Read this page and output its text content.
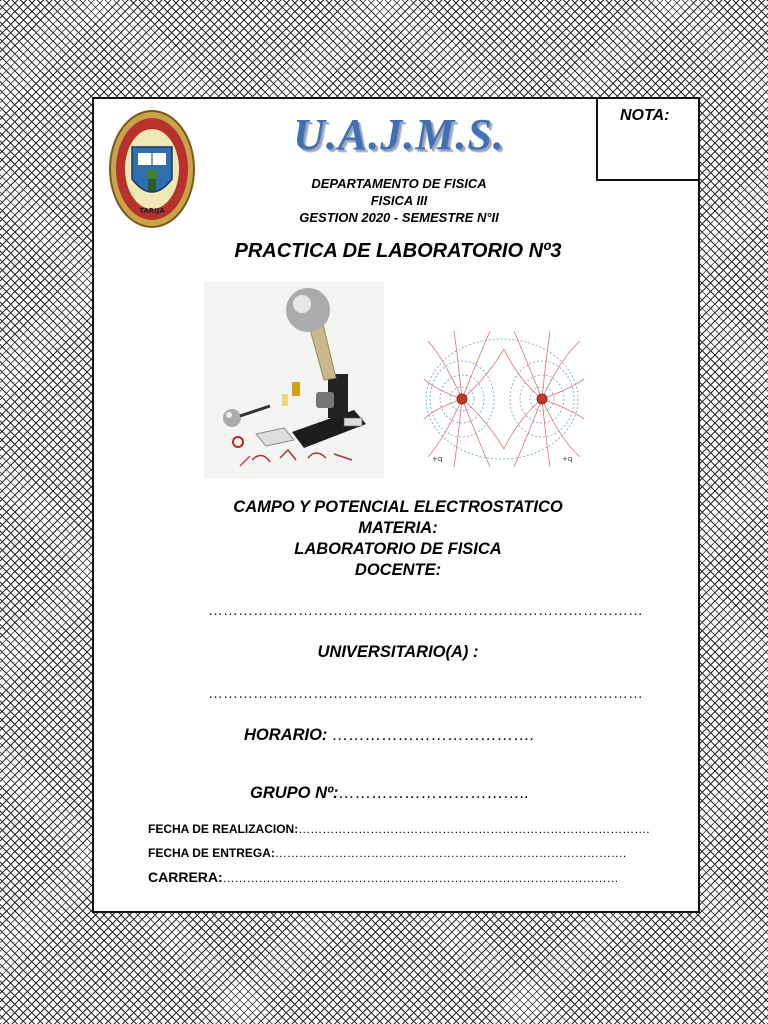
NOTA:
TARIJA
U.A.J.M.S.
DEPARTAMENTO DE FISICA
FISICA III
GESTION 2020 - SEMESTRE N°II
PRACTICA DE LABORATORIO Nº3
+q	+q
CAMPO Y POTENCIAL ELECTROSTATICO
MATERIA:
LABORATORIO DE FISICA
DOCENTE:
……………………………………………………………………………
UNIVERSITARIO(A) :
……………………………………………………………………………
HORARIO: ……………………………….
GRUPO Nº:……………………………..
FECHA DE REALIZACION:…………………………………………………………………………….
FECHA DE ENTREGA:…………………………………………………………………………….
CARRERA:………………………………………………………………………………………
